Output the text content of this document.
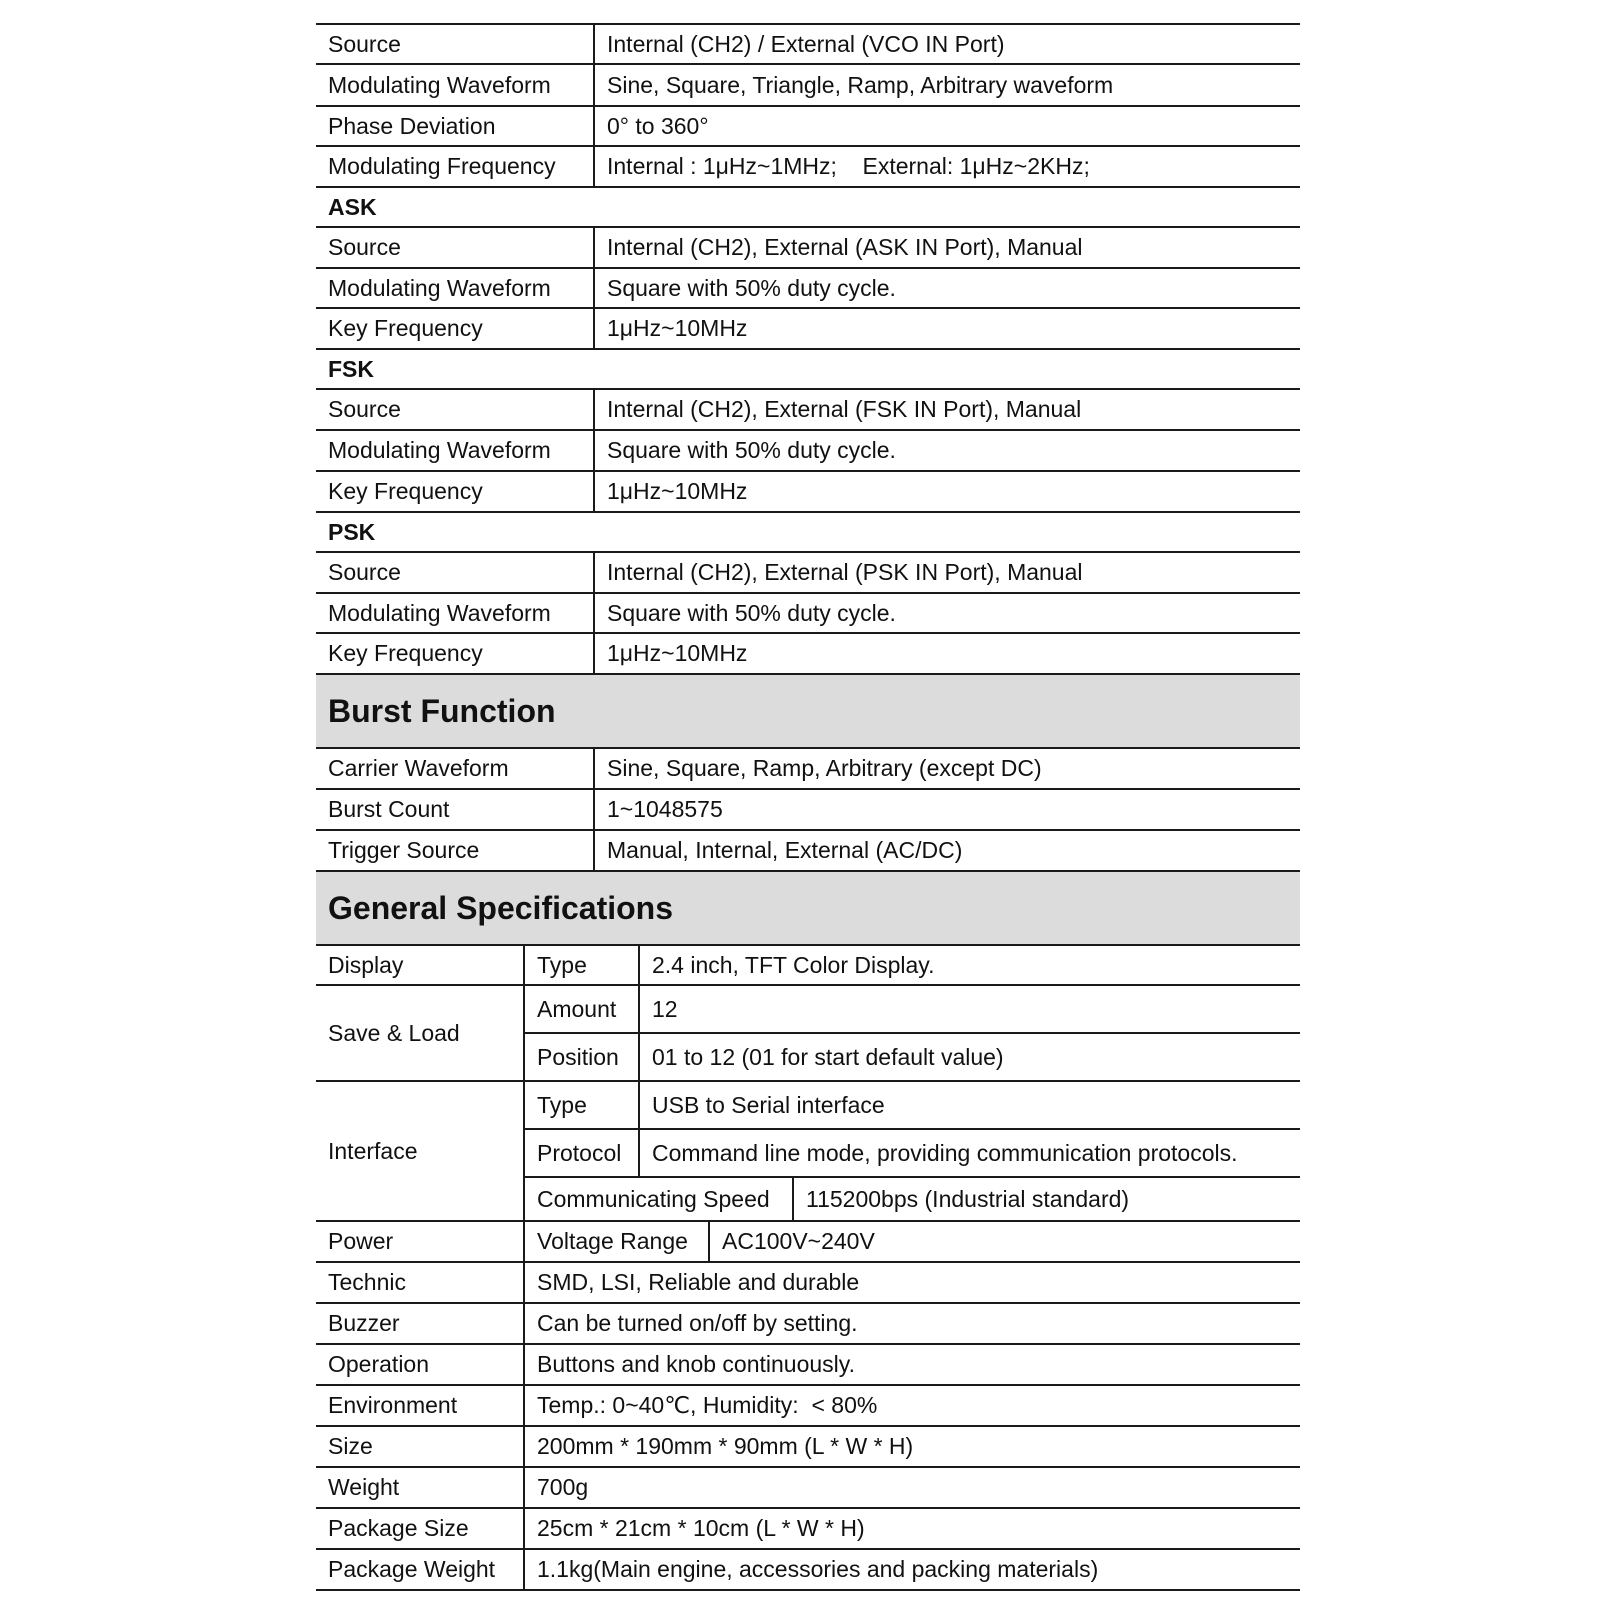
Source	Internal (CH2) / External (VCO IN Port)
Modulating Waveform	Sine, Square, Triangle, Ramp, Arbitrary waveform
Phase Deviation	0° to 360°
Modulating Frequency	Internal : 1μHz~1MHz;    External: 1μHz~2KHz;
ASK
Source	Internal (CH2), External (ASK IN Port), Manual
Modulating Waveform	Square with 50% duty cycle.
Key Frequency	1μHz~10MHz
FSK
Source	Internal (CH2), External (FSK IN Port), Manual
Modulating Waveform	Square with 50% duty cycle.
Key Frequency	1μHz~10MHz
PSK
Source	Internal (CH2), External (PSK IN Port), Manual
Modulating Waveform	Square with 50% duty cycle.
Key Frequency	1μHz~10MHz
Burst Function
Carrier Waveform	Sine, Square, Ramp, Arbitrary (except DC)
Burst Count	1~1048575
Trigger Source	Manual, Internal, External (AC/DC)
General Specifications
Display	Type	2.4 inch, TFT Color Display.
Save & Load
Amount	12
Position	01 to 12 (01 for start default value)
Interface
Type	USB to Serial interface
Protocol	Command line mode, providing communication protocols.
Communicating Speed	115200bps (Industrial standard)
Power	Voltage Range	AC100V~240V
Technic	SMD, LSI, Reliable and durable
Buzzer	Can be turned on/off by setting.
Operation	Buttons and knob continuously.
Environment	Temp.: 0~40℃, Humidity:  < 80%
Size	200mm * 190mm * 90mm (L * W * H)
Weight	700g
Package Size	25cm * 21cm * 10cm (L * W * H)
Package Weight	1.1kg(Main engine, accessories and packing materials)
